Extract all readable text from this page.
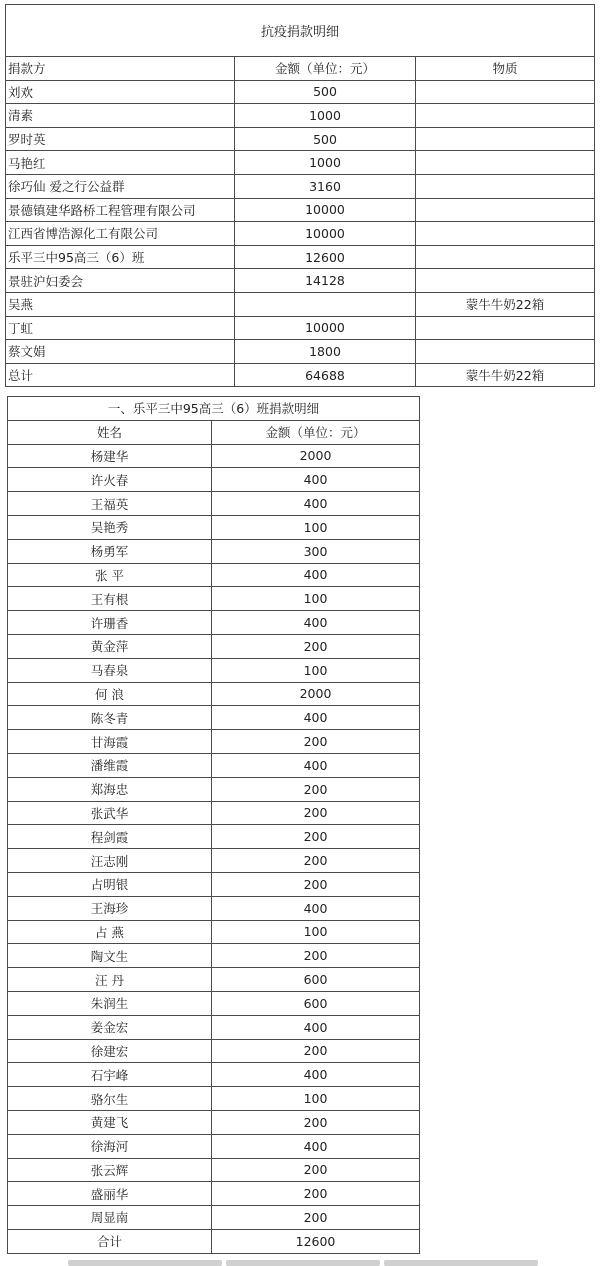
抗疫捐款明细		
捐款方	金额（单位：元）	物质
刘欢	500	
清素	1000	
罗时英	500	
马艳红	1000	
徐巧仙 爱之行公益群	3160	
景德镇建华路桥工程管理有限公司	10000	
江西省博浩源化工有限公司	10000	
乐平三中95高三（6）班	12600	
景驻沪妇委会	14128	
吴燕		蒙牛牛奶22箱
丁虹	10000	
蔡文娟	1800	
总计	64688	蒙牛牛奶22箱
一、乐平三中95高三（6）班捐款明细	
姓名	金额（单位：元）
杨建华	2000
许火春	400
王福英	400
吴艳秀	100
杨勇军	300
张 平	400
王有根	100
许珊香	400
黄金萍	200
马春泉	100
何 浪	2000
陈冬青	400
甘海霞	200
潘维霞	400
郑海忠	200
张武华	200
程剑霞	200
汪志刚	200
占明银	200
王海珍	400
占 燕	100
陶文生	200
汪 丹	600
朱润生	600
姜金宏	400
徐建宏	200
石宇峰	400
骆尔生	100
黄建飞	200
徐海河	400
张云辉	200
盛丽华	200
周显南	200
合计	12600
